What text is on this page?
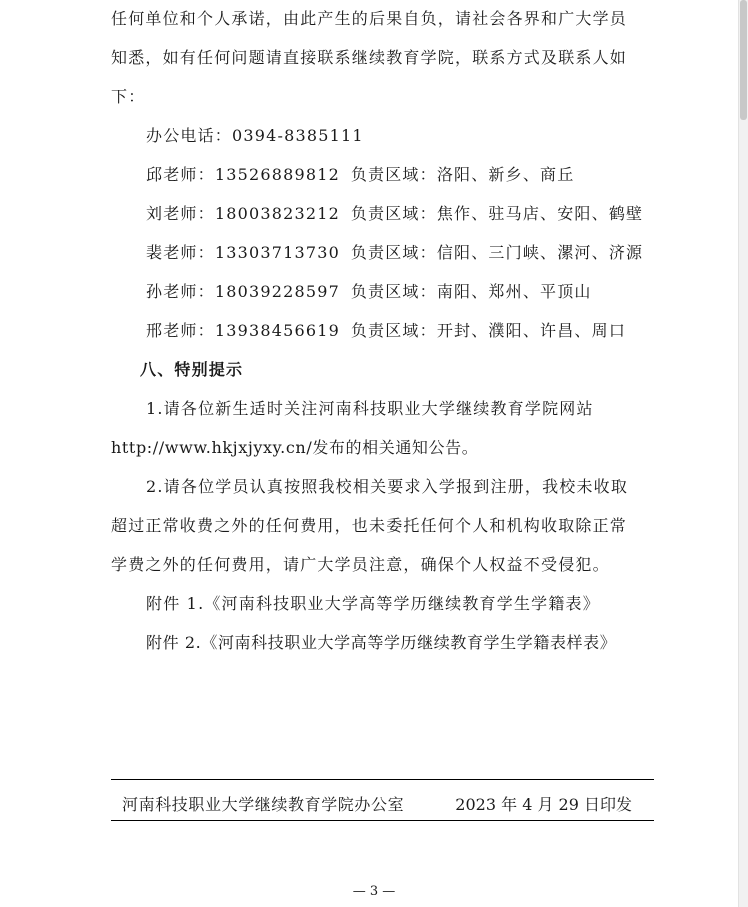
任何单位和个人承诺，由此产生的后果自负，请社会各界和广大学员
知悉，如有任何问题请直接联系继续教育学院，联系方式及联系人如
下：
办公电话：0394-8385111
邱老师：13526889812 负责区域：洛阳、新乡、商丘
刘老师：18003823212 负责区域：焦作、驻马店、安阳、鹤壁
裴老师：13303713730 负责区域：信阳、三门峡、漯河、济源
孙老师：18039228597 负责区域：南阳、郑州、平顶山
邢老师：13938456619 负责区域：开封、濮阳、许昌、周口
八、特别提示
1.请各位新生适时关注河南科技职业大学继续教育学院网站
http://www.hkjxjyxy.cn/发布的相关通知公告。
2.请各位学员认真按照我校相关要求入学报到注册，我校未收取
超过正常收费之外的任何费用，也未委托任何个人和机构收取除正常
学费之外的任何费用，请广大学员注意，确保个人权益不受侵犯。
附件 1.《河南科技职业大学高等学历继续教育学生学籍表》
附件 2.《河南科技职业大学高等学历继续教育学生学籍表样表》
河南科技职业大学继续教育学院办公室	2023 年 4 月 29 日印发
— 3 —
